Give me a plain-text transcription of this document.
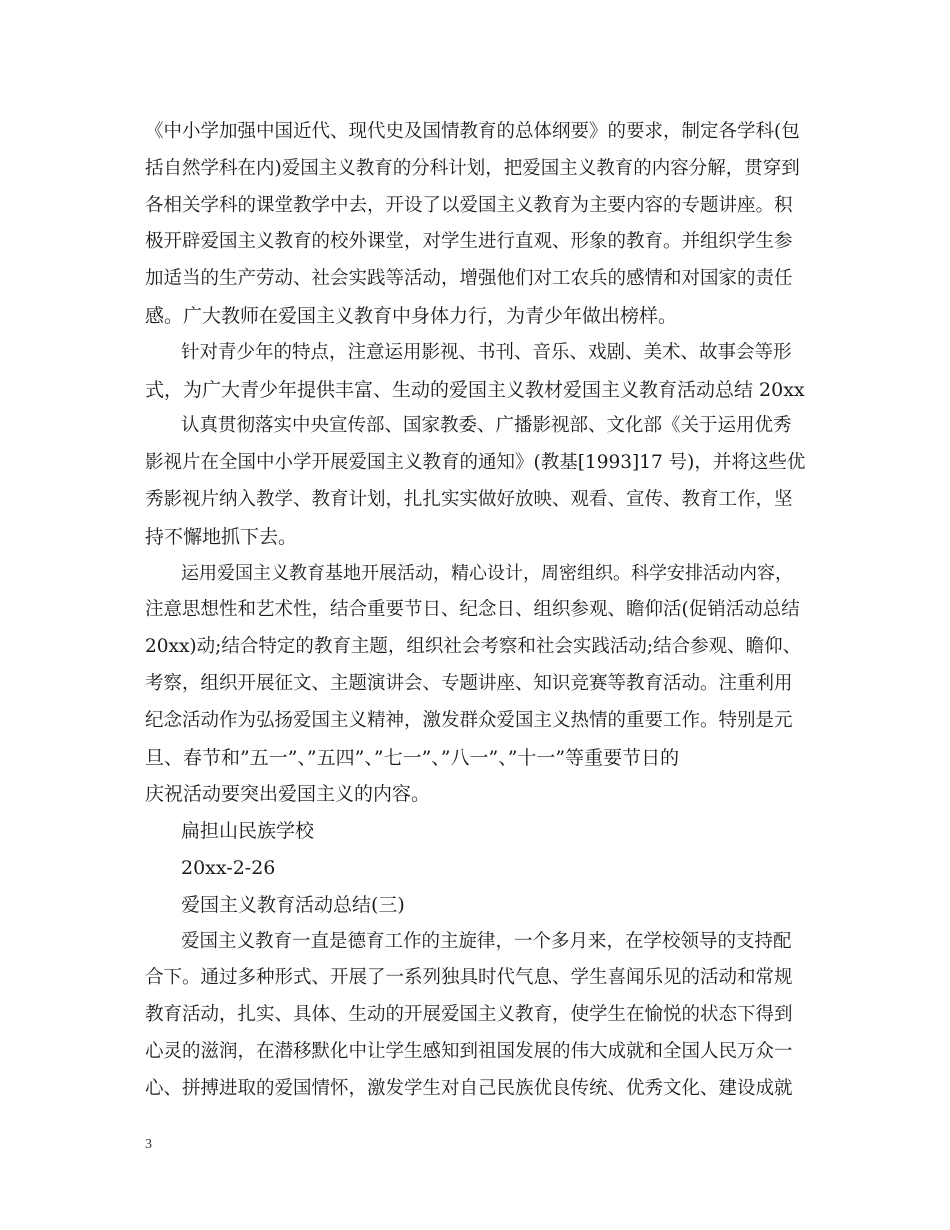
《中小学加强中国近代、现代史及国情教育的总体纲要》的要求，制定各学科(包
括自然学科在内)爱国主义教育的分科计划，把爱国主义教育的内容分解，贯穿到
各相关学科的课堂教学中去，开设了以爱国主义教育为主要内容的专题讲座。积
极开辟爱国主义教育的校外课堂，对学生进行直观、形象的教育。并组织学生参
加适当的生产劳动、社会实践等活动，增强他们对工农兵的感情和对国家的责任
感。广大教师在爱国主义教育中身体力行，为青少年做出榜样。
针对青少年的特点，注意运用影视、书刊、音乐、戏剧、美术、故事会等形
式，为广大青少年提供丰富、生动的爱国主义教材爱国主义教育活动总结 20xx
认真贯彻落实中央宣传部、国家教委、广播影视部、文化部《关于运用优秀
影视片在全国中小学开展爱国主义教育的通知》(教基[1993]17 号)，并将这些优
秀影视片纳入教学、教育计划，扎扎实实做好放映、观看、宣传、教育工作，坚
持不懈地抓下去。
运用爱国主义教育基地开展活动，精心设计，周密组织。科学安排活动内容，
注意思想性和艺术性，结合重要节日、纪念日、组织参观、瞻仰活(促销活动总结
20xx)动;结合特定的教育主题，组织社会考察和社会实践活动;结合参观、瞻仰、
考察，组织开展征文、主题演讲会、专题讲座、知识竞赛等教育活动。注重利用
纪念活动作为弘扬爱国主义精神，激发群众爱国主义热情的重要工作。特别是元
旦、春节和”五一”、”五四”、”七一”、”八一”、”十一”等重要节日的
庆祝活动要突出爱国主义的内容。
扁担山民族学校
20xx-2-26
爱国主义教育活动总结(三)
爱国主义教育一直是德育工作的主旋律，一个多月来，在学校领导的支持配
合下。通过多种形式、开展了一系列独具时代气息、学生喜闻乐见的活动和常规
教育活动，扎实、具体、生动的开展爱国主义教育，使学生在愉悦的状态下得到
心灵的滋润，在潜移默化中让学生感知到祖国发展的伟大成就和全国人民万众一
心、拼搏进取的爱国情怀，激发学生对自己民族优良传统、优秀文化、建设成就
3
